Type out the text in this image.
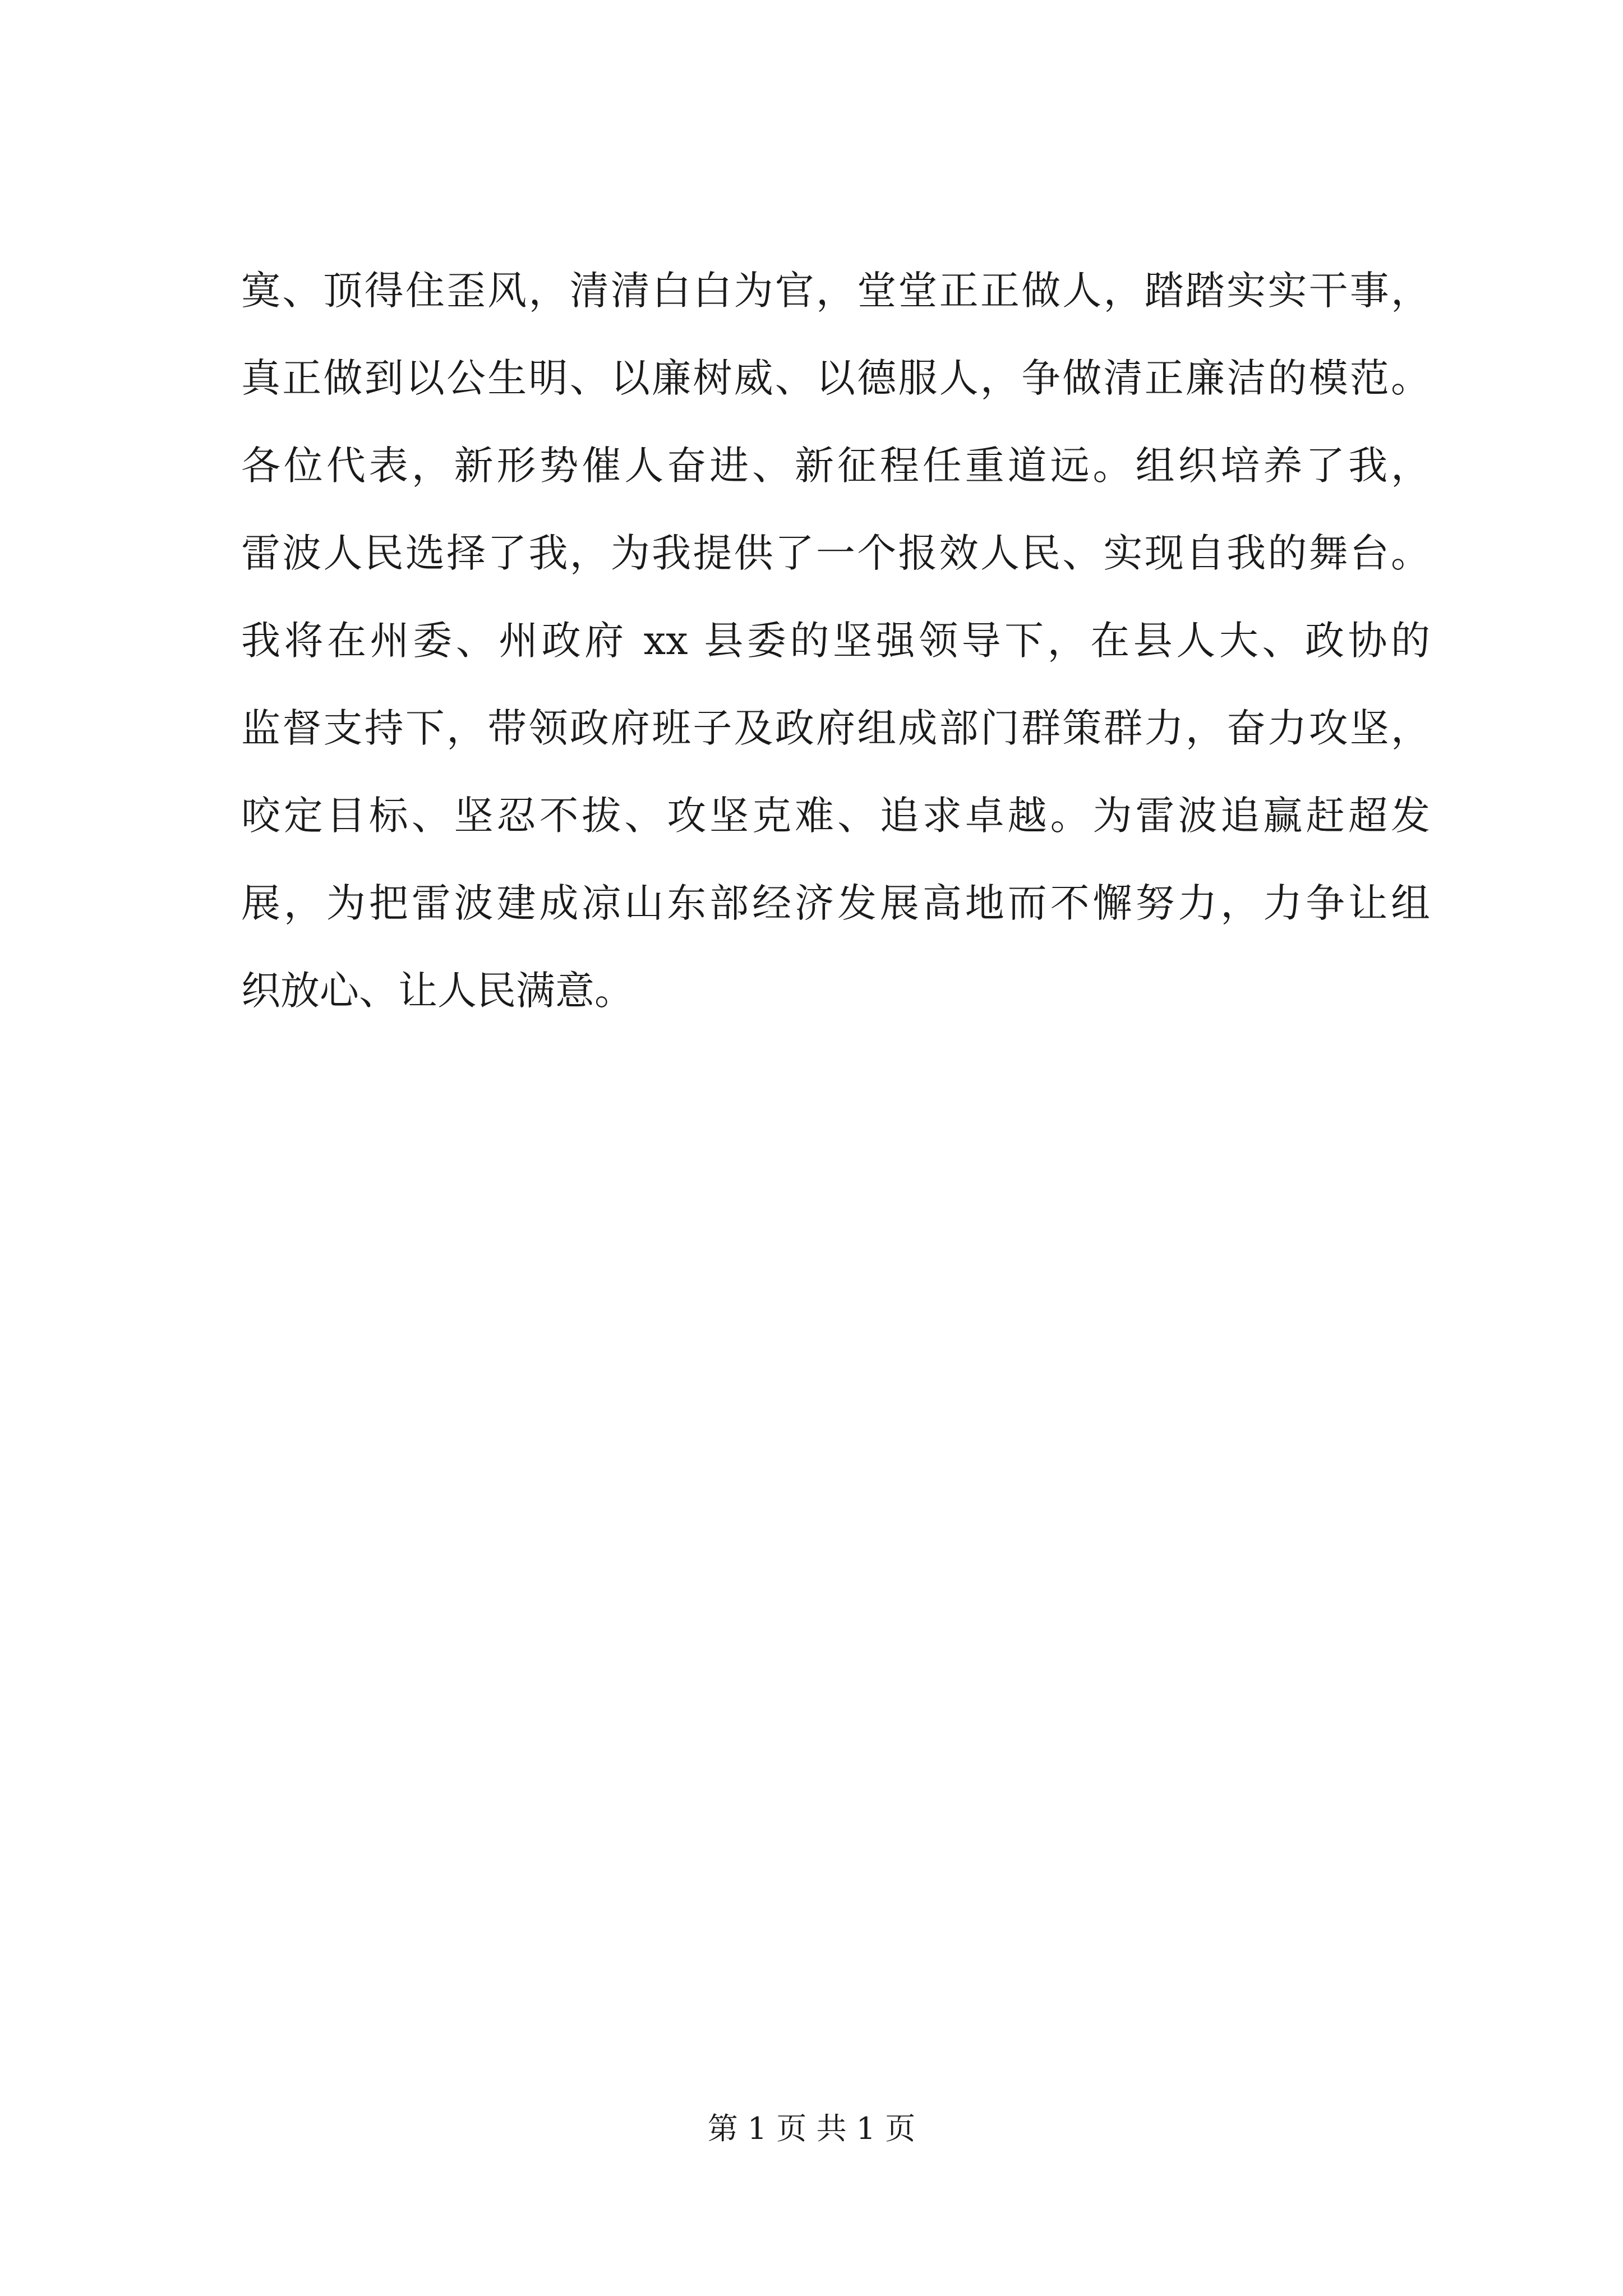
寞、顶得住歪风，清清白白为官，堂堂正正做人，踏踏实实干事，
真正做到以公生明、以廉树威、以德服人，争做清正廉洁的模范。
各位代表，新形势催人奋进、新征程任重道远。组织培养了我，
雷波人民选择了我，为我提供了一个报效人民、实现自我的舞台。
我将在州委、州政府 xx 县委的坚强领导下，在县人大、政协的
监督支持下，带领政府班子及政府组成部门群策群力，奋力攻坚，
咬定目标、坚忍不拔、攻坚克难、追求卓越。为雷波追赢赶超发
展，为把雷波建成凉山东部经济发展高地而不懈努力，力争让组
织放心、让人民满意。
第 1 页 共 1 页
